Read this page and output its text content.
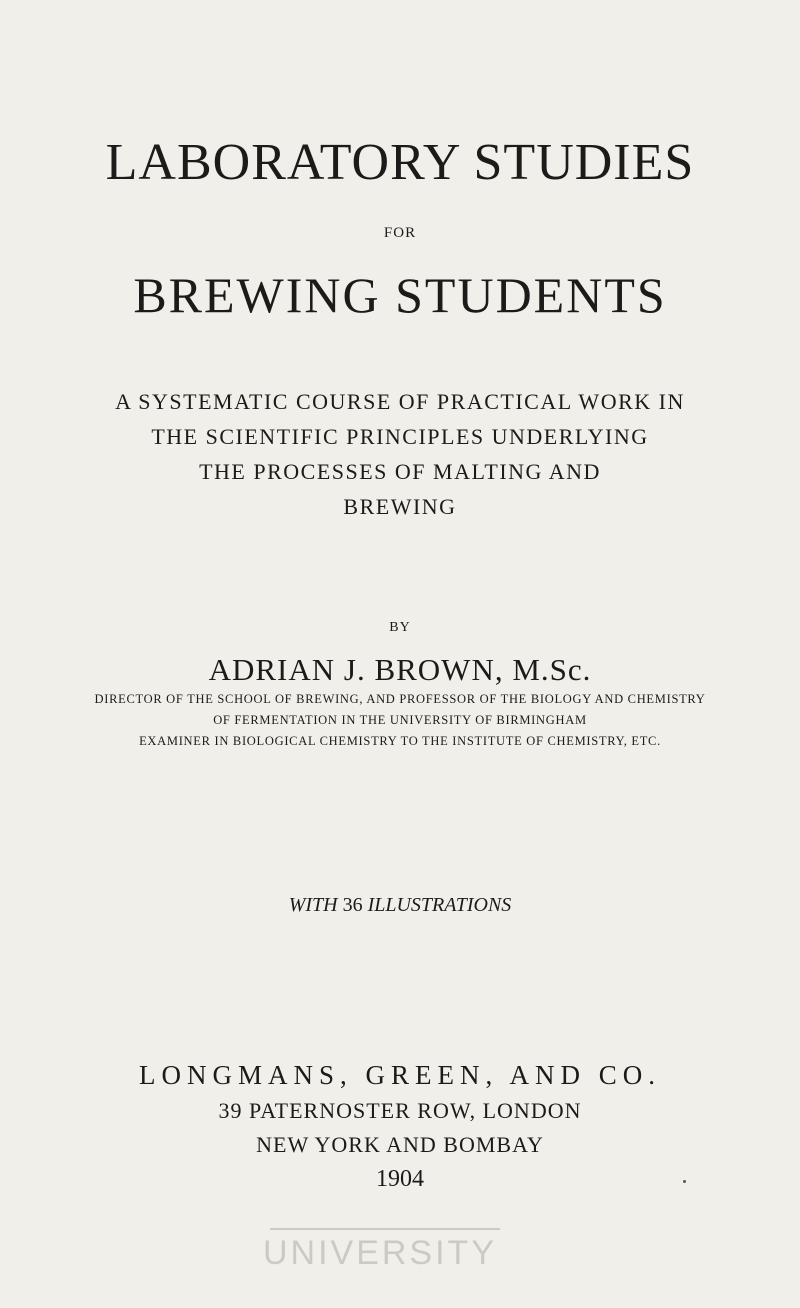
LABORATORY STUDIES
FOR
BREWING STUDENTS
A SYSTEMATIC COURSE OF PRACTICAL WORK IN
THE SCIENTIFIC PRINCIPLES UNDERLYING
THE PROCESSES OF MALTING AND
BREWING
BY
ADRIAN J. BROWN, M.Sc.
DIRECTOR OF THE SCHOOL OF BREWING, AND PROFESSOR OF THE BIOLOGY AND CHEMISTRY
OF FERMENTATION IN THE UNIVERSITY OF BIRMINGHAM
EXAMINER IN BIOLOGICAL CHEMISTRY TO THE INSTITUTE OF CHEMISTRY, ETC.
WITH 36 ILLUSTRATIONS
LONGMANS, GREEN, AND CO.
39 PATERNOSTER ROW, LONDON
NEW YORK AND BOMBAY
1904
UNIVERSITY
